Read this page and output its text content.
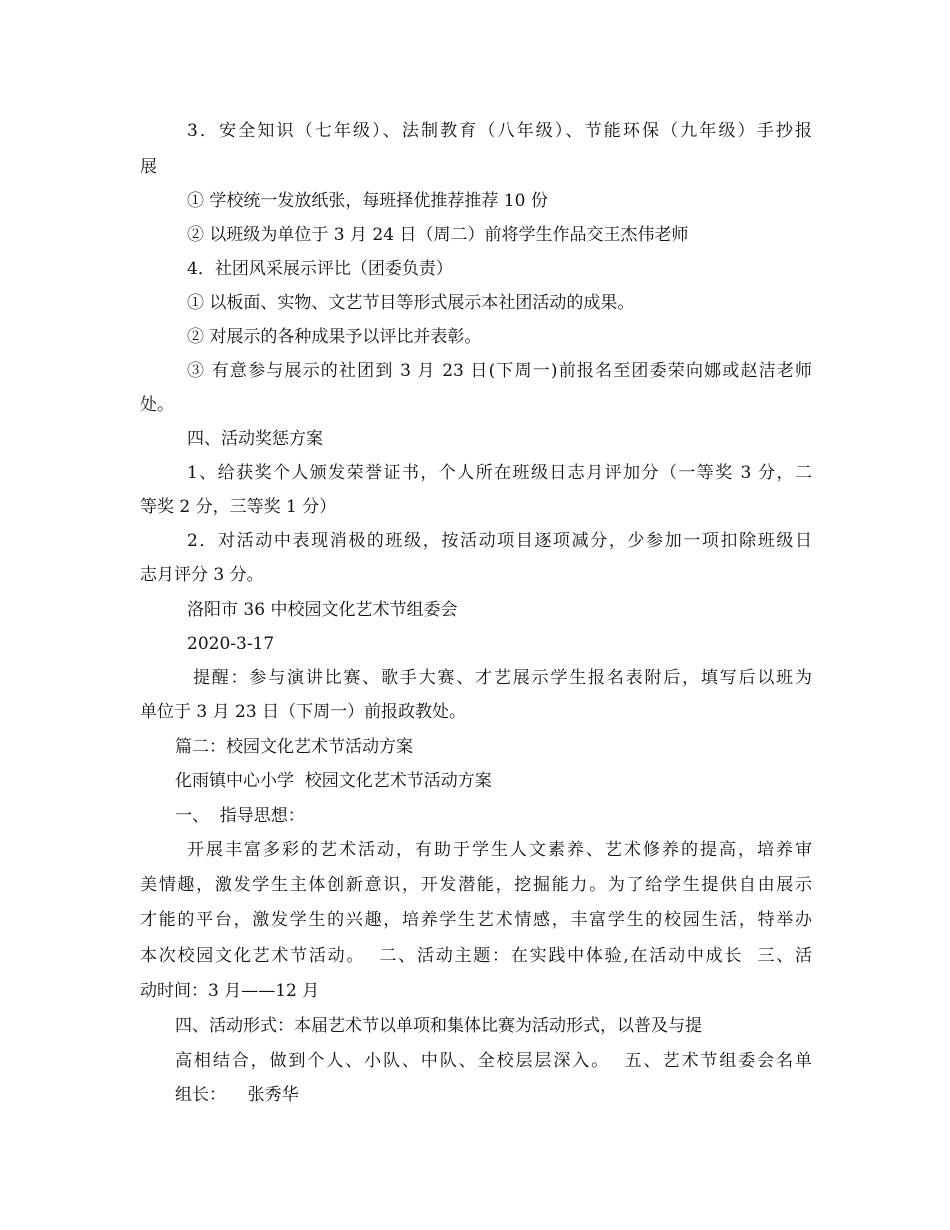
3．安全知识（七年级）、法制教育（八年级）、节能环保（九年级）手抄报
展
① 学校统一发放纸张，每班择优推荐推荐 10 份
② 以班级为单位于 3 月 24 日（周二）前将学生作品交王杰伟老师
4．社团风采展示评比（团委负责）
① 以板面、实物、文艺节目等形式展示本社团活动的成果。
② 对展示的各种成果予以评比并表彰。
③ 有意参与展示的社团到 3 月 23 日(下周一)前报名至团委荣向娜或赵洁老师
处。
四、活动奖惩方案
1、给获奖个人颁发荣誉证书，个人所在班级日志月评加分（一等奖 3 分，二
等奖 2 分，三等奖 1 分）
2．对活动中表现消极的班级，按活动项目逐项减分，少参加一项扣除班级日
志月评分 3 分。
洛阳市 36 中校园文化艺术节组委会
2020-3-17
提醒：参与演讲比赛、歌手大赛、才艺展示学生报名表附后，填写后以班为
单位于 3 月 23 日（下周一）前报政教处。
篇二：校园文化艺术节活动方案
化雨镇中心小学  校园文化艺术节活动方案
一、  指导思想：
开展丰富多彩的艺术活动，有助于学生人文素养、艺术修养的提高，培养审
美情趣，激发学生主体创新意识，开发潜能，挖掘能力。为了给学生提供自由展示
才能的平台，激发学生的兴趣，培养学生艺术情感，丰富学生的校园生活，特举办
本次校园文化艺术节活动。  二、活动主题：在实践中体验,在活动中成长  三、活
动时间：3 月——12 月
四、活动形式：本届艺术节以单项和集体比赛为活动形式，以普及与提
高相结合，做到个人、小队、中队、全校层层深入。  五、艺术节组委会名单
组长：    张秀华
